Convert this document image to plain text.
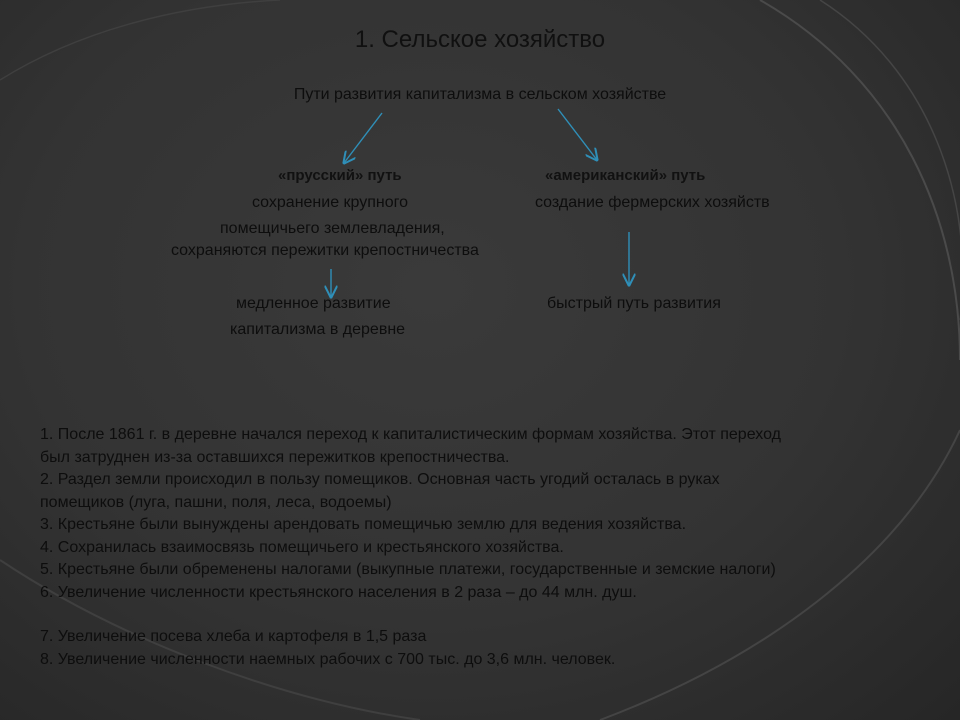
1. Сельское хозяйство
Пути развития капитализма в сельском хозяйстве
«прусский» путь
сохранение крупного
помещичьего землевладения,
сохраняются пережитки крепостничества
медленное развитие
капитализма в деревне
«американский» путь
создание фермерских хозяйств
быстрый путь развития
1. После 1861 г. в деревне начался переход к капиталистическим формам хозяйства. Этот переход
был затруднен из-за оставшихся пережитков крепостничества.
2. Раздел земли происходил в пользу помещиков. Основная часть угодий осталась в руках
помещиков (луга, пашни, поля, леса, водоемы)
3. Крестьяне были вынуждены арендовать помещичью землю для ведения хозяйства.
4. Сохранилась взаимосвязь помещичьего и крестьянского хозяйства.
5. Крестьяне были обременены налогами (выкупные платежи, государственные и земские налоги)
6. Увеличение численности крестьянского населения в 2 раза – до 44 млн. душ.
7. Увеличение посева хлеба и картофеля в 1,5 раза
8. Увеличение численности наемных рабочих с 700 тыс. до 3,6 млн. человек.
